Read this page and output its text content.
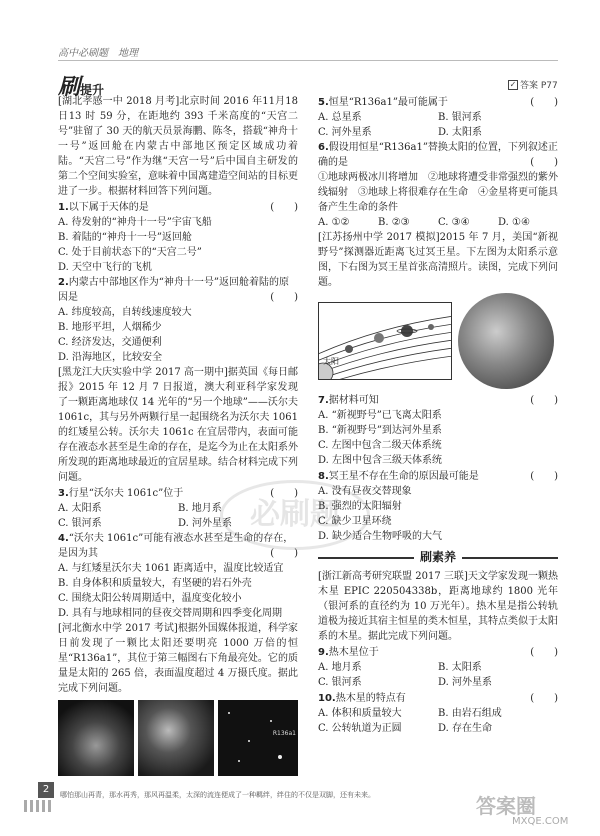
高中必刷题　地理
刷提升	✓ 答案 P77
必刷题

[湖北孝感一中 2018 月考]北京时间 2016 年11月18日13 时 59 分，在距地约 393 千米高度的“天宫二号”驻留了 30 天的航天员景海鹏、陈冬，搭载“神舟十一号”返回舱在内蒙古中部地区预定区域成功着陆。“天宫二号”作为继“天宫一号”后中国自主研发的第二个空间实验室，意味着中国离建造空间站的目标更进了一步。根据材料回答下列问题。

1.以下属于天体的是	(　　)
A. 待发射的“神舟十一号”宇宙飞船
B. 着陆的“神舟十一号”返回舱
C. 处于目前状态下的“天宫二号”
D. 天空中飞行的飞机
2.内蒙古中部地区作为“神舟十一号”返回舱着陆的原因是	(　　)
A. 纬度较高，自转线速度较大
B. 地形平坦，人烟稀少
C. 经济发达，交通便利
D. 沿海地区，比较安全

[黑龙江大庆实验中学 2017 高一期中]据英国《每日邮报》2015 年 12 月 7 日报道，澳大利亚科学家发现了一颗距离地球仅 14 光年的“另一个地球”——沃尔夫 1061c，其与另外两颗行星一起围绕名为沃尔夫 1061 的红矮星公转。沃尔夫 1061c 在宜居带内，表面可能存在液态水甚至是生命的存在，是迄今为止在太阳系外所发现的距离地球最近的宜居星球。结合材料完成下列问题。

3.行星“沃尔夫 1061c”位于	(　　)
A. 太阳系	B. 地月系
C. 银河系	D. 河外星系
4.“沃尔夫 1061c”可能有液态水甚至是生命的存在，是因为其	(　　)
A. 与红矮星沃尔夫 1061 距离适中，温度比较适宜
B. 自身体积和质量较大，有坚硬的岩石外壳
C. 围绕太阳公转周期适中，温度变化较小
D. 具有与地球相同的昼夜交替周期和四季变化周期

[河北衡水中学 2017 考试]根据外国媒体报道，科学家日前发现了一颗比太阳还要明亮 1000 万倍的恒星“R136a1”，其位于第三幅图右下角最亮处。它的质量是太阳的 265 倍，表面温度超过 4 万摄氏度。据此完成下列问题。

R136a1
5.恒星“R136a1”最可能属于	(　　)
A. 总星系	B. 银河系
C. 河外星系	D. 太阳系
6.假设用恒星“R136a1”替换太阳的位置，下列叙述正确的是	(　　)

①地球两极冰川将增加　②地球将遭受非常强烈的紫外线辐射　③地球上将很难存在生命　④金星将更可能具备产生生命的条件

A. ①②	B. ②③	C. ③④	D. ①④

[江苏扬州中学 2017 模拟]2015 年 7 月，美国“新视野号”探测器近距离飞过冥王星。下左图为太阳系示意图，下右图为冥王星首张高清照片。读图，完成下列问题。

太阳
7.据材料可知	(　　)
A. “新视野号”已飞离太阳系
B. “新视野号”到达河外星系
C. 左图中包含二级天体系统
D. 左图中包含三级天体系统
8.冥王星不存在生命的原因最可能是	(　　)
A. 没有昼夜交替现象
B. 强烈的太阳辐射
C. 缺少卫星环绕
D. 缺少适合生物呼吸的大气
刷素养

[浙江新高考研究联盟 2017 三联]天文学家发现一颗热木星 EPIC 220504338b，距离地球约 1800 光年（银河系的直径约为 10 万光年）。热木星是指公转轨道极为接近其宿主恒星的类木恒星，其特点类似于太阳系的木星。据此完成下列问题。

9.热木星位于	(　　)
A. 地月系	B. 太阳系
C. 银河系	D. 河外星系
10.热木星的特点有	(　　)
A. 体积和质量较大	B. 由岩石组成
C. 公转轨道为正圆	D. 存在生命
2	哪怕那山再青，那水再秀，那风再温柔，太深的流连便成了一种羁绊，绊住的不仅是双脚，还有未来。	答案圈
MXQE.COM
